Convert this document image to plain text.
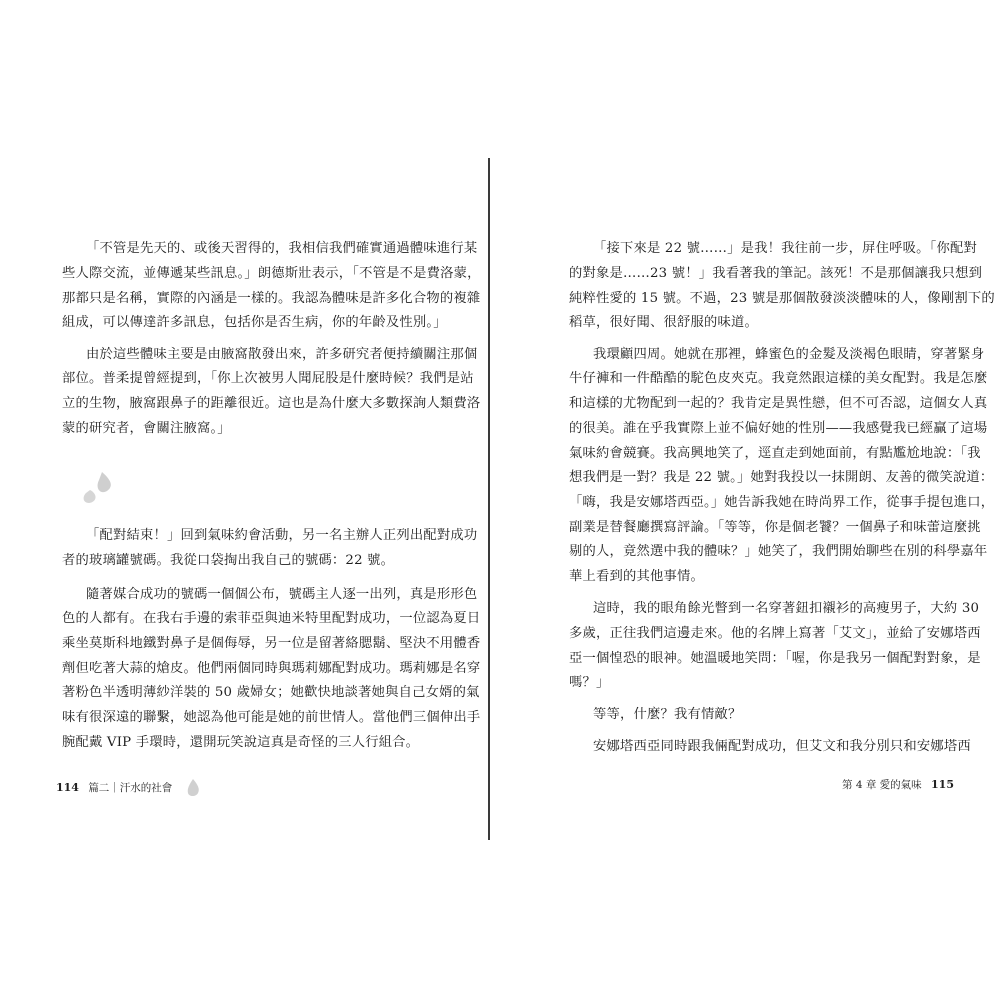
「不管是先天的、或後天習得的，我相信我們確實通過體味進行某
些人際交流，並傳遞某些訊息。」朗德斯壯表示，「不管是不是費洛蒙，
那都只是名稱，實際的內涵是一樣的。我認為體味是許多化合物的複雜
組成，可以傳達許多訊息，包括你是否生病，你的年齡及性別。」
由於這些體味主要是由腋窩散發出來，許多研究者便持續關注那個
部位。普柔提曾經提到，「你上次被男人聞屁股是什麼時候？我們是站
立的生物，腋窩跟鼻子的距離很近。這也是為什麼大多數探詢人類費洛
蒙的研究者，會關注腋窩。」
「配對結束！」回到氣味約會活動，另一名主辦人正列出配對成功
者的玻璃罐號碼。我從口袋掏出我自己的號碼：22 號。
隨著媒合成功的號碼一個個公布，號碼主人逐一出列，真是形形色
色的人都有。在我右手邊的索菲亞與迪米特里配對成功，一位認為夏日
乘坐莫斯科地鐵對鼻子是個侮辱，另一位是留著絡腮鬍、堅決不用體香
劑但吃著大蒜的熗皮。他們兩個同時與瑪莉娜配對成功。瑪莉娜是名穿
著粉色半透明薄紗洋裝的 50 歲婦女；她歡快地談著她與自己女婿的氣
味有很深遠的聯繫，她認為他可能是她的前世情人。當他們三個伸出手
腕配戴 VIP 手環時，還開玩笑說這真是奇怪的三人行組合。
114 篇二｜汗水的社會
「接下來是 22 號……」是我！我往前一步，屏住呼吸。「你配對
的對象是……23 號！」我看著我的筆記。該死！不是那個讓我只想到
純粹性愛的 15 號。不過，23 號是那個散發淡淡體味的人，像剛割下的
稻草，很好聞、很舒服的味道。
我環顧四周。她就在那裡，蜂蜜色的金髮及淡褐色眼睛，穿著緊身
牛仔褲和一件酷酷的駝色皮夾克。我竟然跟這樣的美女配對。我是怎麼
和這樣的尤物配到一起的？我肯定是異性戀，但不可否認，這個女人真
的很美。誰在乎我實際上並不偏好她的性別——我感覺我已經贏了這場
氣味約會競賽。我高興地笑了，逕直走到她面前，有點尷尬地說：「我
想我們是一對？我是 22 號。」她對我投以一抹開朗、友善的微笑說道：
「嗨，我是安娜塔西亞。」她告訴我她在時尚界工作，從事手提包進口，
副業是替餐廳撰寫評論。「等等，你是個老饕？一個鼻子和味蕾這麼挑
剔的人，竟然選中我的體味？」她笑了，我們開始聊些在別的科學嘉年
華上看到的其他事情。
這時，我的眼角餘光瞥到一名穿著鈕扣襯衫的高瘦男子，大約 30
多歲，正往我們這邊走來。他的名牌上寫著「艾文」，並給了安娜塔西
亞一個惶恐的眼神。她溫暖地笑問：「喔，你是我另一個配對對象，是
嗎？」
等等，什麼？我有情敵？
安娜塔西亞同時跟我倆配對成功，但艾文和我分別只和安娜塔西
第 4 章 愛的氣味 115
